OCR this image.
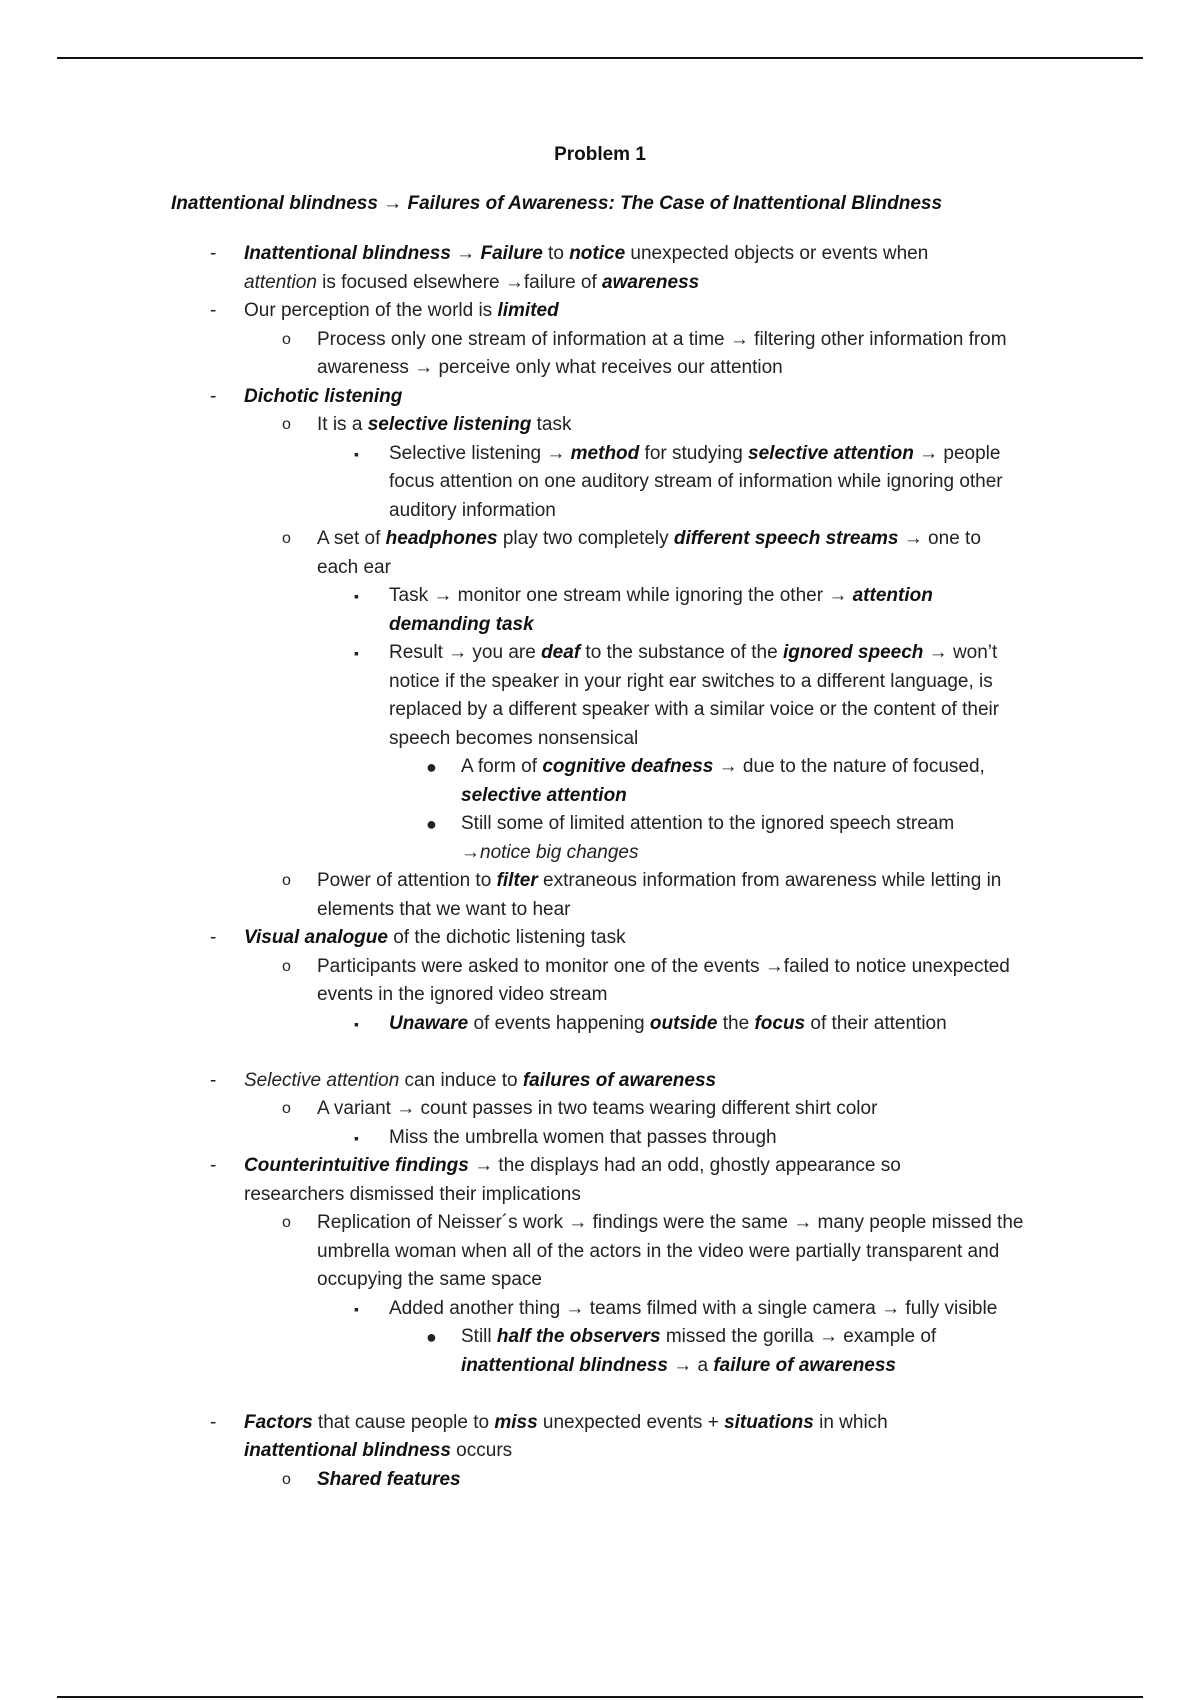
Problem 1
Inattentional blindness → Failures of Awareness: The Case of Inattentional Blindness
- Inattentional blindness → Failure to notice unexpected objects or events when attention is focused elsewhere →failure of awareness
- Our perception of the world is limited
o Process only one stream of information at a time → filtering other information from awareness → perceive only what receives our attention
- Dichotic listening
o It is a selective listening task
▪ Selective listening → method for studying selective attention → people focus attention on one auditory stream of information while ignoring other auditory information
o A set of headphones play two completely different speech streams → one to each ear
▪ Task → monitor one stream while ignoring the other → attention demanding task
▪ Result → you are deaf to the substance of the ignored speech → won’t notice if the speaker in your right ear switches to a different language, is replaced by a different speaker with a similar voice or the content of their speech becomes nonsensical
● A form of cognitive deafness → due to the nature of focused, selective attention
● Still some of limited attention to the ignored speech stream →notice big changes
o Power of attention to filter extraneous information from awareness while letting in elements that we want to hear
- Visual analogue of the dichotic listening task
o Participants were asked to monitor one of the events →failed to notice unexpected events in the ignored video stream
▪ Unaware of events happening outside the focus of their attention
- Selective attention can induce to failures of awareness
o A variant → count passes in two teams wearing different shirt color
▪ Miss the umbrella women that passes through
- Counterintuitive findings → the displays had an odd, ghostly appearance so researchers dismissed their implications
o Replication of Neisser´s work → findings were the same → many people missed the umbrella woman when all of the actors in the video were partially transparent and occupying the same space
▪ Added another thing → teams filmed with a single camera → fully visible
● Still half the observers missed the gorilla → example of inattentional blindness → a failure of awareness
- Factors that cause people to miss unexpected events + situations in which inattentional blindness occurs
o Shared features
